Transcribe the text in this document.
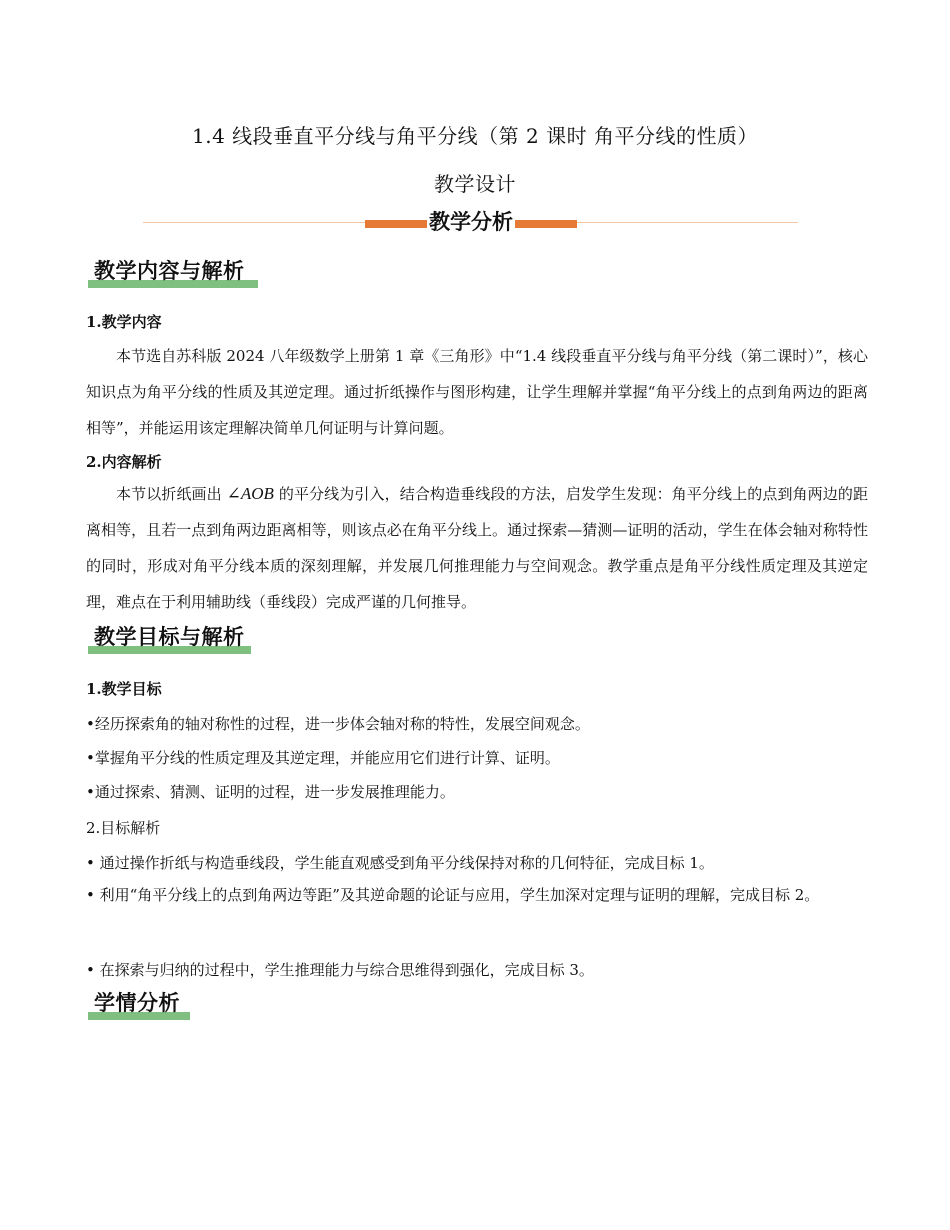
1.4 线段垂直平分线与角平分线（第 2 课时 角平分线的性质）
教学设计
教学分析
教学内容与解析
1.教学内容

本节选自苏科版 2024 八年级数学上册第 1 章《三角形》中“1.4 线段垂直平分线与角平分线（第二课时）”，核心知识点为角平分线的性质及其逆定理。通过折纸操作与图形构建，让学生理解并掌握“角平分线上的点到角两边的距离相等”，并能运用该定理解决简单几何证明与计算问题。

2.内容解析

本节以折纸画出 ∠AOB 的平分线为引入，结合构造垂线段的方法，启发学生发现：角平分线上的点到角两边的距离相等，且若一点到角两边距离相等，则该点必在角平分线上。通过探索—猜测—证明的活动，学生在体会轴对称特性的同时，形成对角平分线本质的深刻理解，并发展几何推理能力与空间观念。教学重点是角平分线性质定理及其逆定理，难点在于利用辅助线（垂线段）完成严谨的几何推导。

教学目标与解析
1.教学目标
•经历探索角的轴对称性的过程，进一步体会轴对称的特性，发展空间观念。
•掌握角平分线的性质定理及其逆定理，并能应用它们进行计算、证明。
•通过探索、猜测、证明的过程，进一步发展推理能力。
2.目标解析
• 通过操作折纸与构造垂线段，学生能直观感受到角平分线保持对称的几何特征，完成目标 1。

• 利用“角平分线上的点到角两边等距”及其逆命题的论证与应用，学生加深对定理与证明的理解，完成目标 2。

• 在探索与归纳的过程中，学生推理能力与综合思维得到强化，完成目标 3。
学情分析
